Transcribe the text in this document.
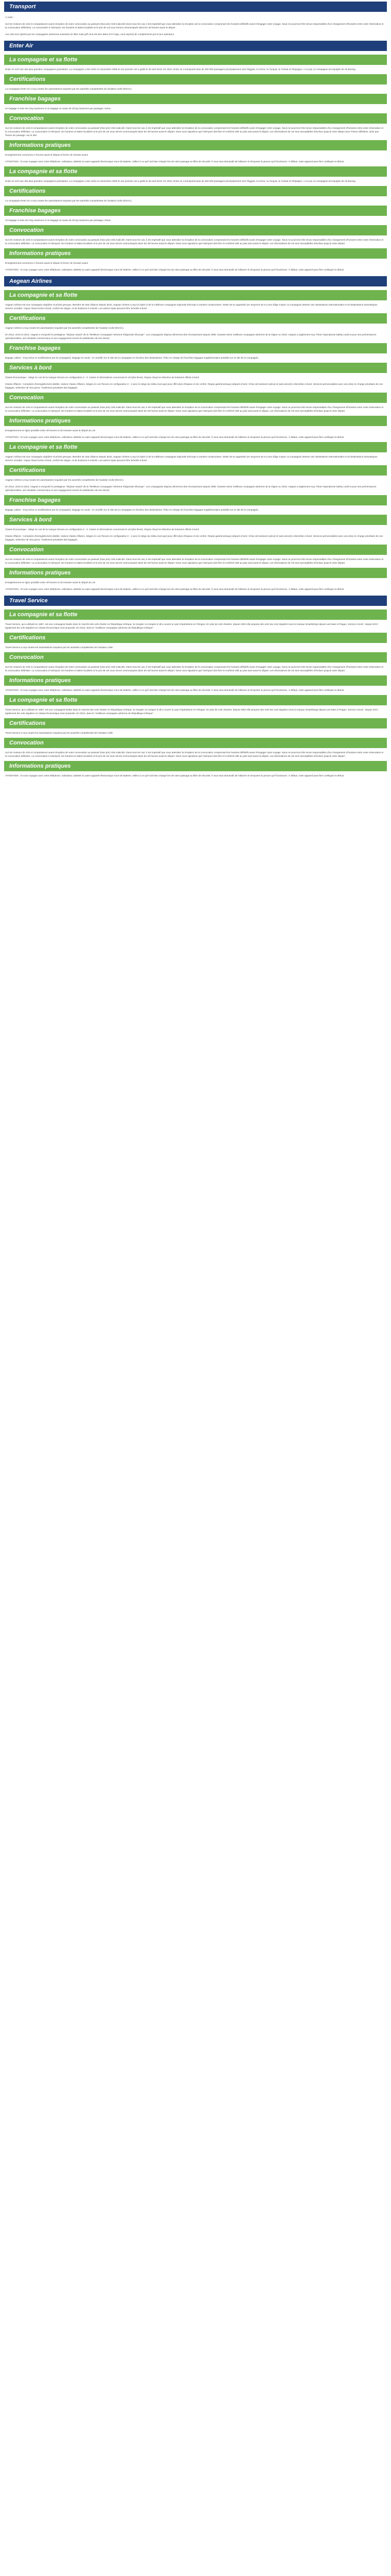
Transport
À noter :
Sur les moteurs de vols et comparateurs avant réception de notre convocation au passant (Nos prix) Vols inakcolé (Sons tous les cas, il est impératif que vous attendiez la réception de la convocation comprenant les horaires définitifs avant d'engager votre voyage. Nous ne pourrons être tenus responsables d'un changement d'horaires entre votre réservation et la convocation définitive). La convocation à l'aéroport, les horaires et dates localisés et le prix de vol vous seront communiqués dans les 48 heures avant le départ.
Les vols sont opérés par les compagnies aériennes suivantes (si libre mais pdf vous est des dates d'Al Capa, vous rejoins) de compléments par la tour opérateur.
Enter Air
La compagnie et sa flotte
Enter Air est l'une des plus grandes compagnies polonaises. La compagnie a été créée en Novembre 2009 et son premier vol a quitté le 25 avril 2010. En 2010, Enter Air a transporté plus de 200 000 passagers principalement vers l'Égypte, la Grèce, la Turquie, la Tunisie et l'Espagne. A ce jour, la compagnie est équipée de 15 Boeing.
Certifications
La compagnie Enter Air a reçu toutes les autorisations requises par les autorités compétentes de l'aviation civile (DGAC).
Franchise bagages
Un bagage à main de 5 kg maximum et un bagage en soute de 20 kg maximum par passager, inclus.
Convocation
Sur les moteurs de vols et comparateurs avant réception de votre convocation au passant (Nos prix) Vols inakcolé. Dans tous les cas, il est impératif que vous attendiez la réception de la convocation comprenant les horaires définitifs avant d'engager votre voyage. Nous ne pourrons être tenus responsables d'un changement d'horaires entre votre réservation et la convocation définitive. La convocation à l'aéroport, les horaires et dates localisés et le prix de vol vous seront communiqués dans les 48 heures avant le départ. Nous vous signalons que l'aéroport doit être ré-confirmé 48h au plus tard avant le départ. Les informations de vol sont susceptibles d'évoluer jusqu'à votre départ avec l'heure définitive, ainsi que l'heure de passage, sur le site.
Informations pratiques
Enregistrement commence 2 heures avant le départ et ferme 45 minutes avant.
ATTENTION : Si vous voyagez avec votre téléphone, ordinateur, tablette ou autre appareil électronique muni de batterie, veillez à ce qu'il soit bien chargé lors de votre passage au filtre de sécurité. Il vous sera demandé de l'allumer et d'exposer la preuve qu'il fonctionne. À défaut, votre appareil peut être confisqué et détruit.
La compagnie et sa flotte
Enter Air est l'une des plus grandes compagnies polonaises. La compagnie a été créée en Novembre 2009 et son premier vol a quitté le 25 avril 2010. En 2010, Enter Air a transporté plus de 200 000 passagers principalement vers l'Égypte, la Grèce, la Turquie, la Tunisie et l'Espagne. A ce jour, la compagnie est équipée de 15 Boeing.
Certifications
La compagnie Enter Air a reçu toutes les autorisations requises par les autorités compétentes de l'aviation civile (DGAC).
Franchise bagages
Un bagage à main de 5 kg maximum et un bagage en soute de 20 kg maximum par passager, inclus.
Convocation
Sur les moteurs de vols et comparateurs avant réception de votre convocation au passant (Nos prix) Vols inakcolé. Dans tous les cas, il est impératif que vous attendiez la réception de la convocation comprenant les horaires définitifs avant d'engager votre voyage. Nous ne pourrons être tenus responsables d'un changement d'horaires entre votre réservation et la convocation définitive. La convocation à l'aéroport, les horaires et dates localisés et le prix de vol vous seront communiqués dans les 48 heures avant le départ. Nous vous signalons que l'aéroport doit être ré-confirmé 48h au plus tard avant le départ. Les informations de vol sont susceptibles d'évoluer jusqu'à votre départ.
Informations pratiques
Enregistrement commence 2 heures avant le départ et ferme 45 minutes avant.
ATTENTION : Si vous voyagez avec votre téléphone, ordinateur, tablette ou autre appareil électronique muni de batterie, veillez à ce qu'il soit bien chargé lors de votre passage au filtre de sécurité. Il vous sera demandé de l'allumer et d'exposer la preuve qu'il fonctionne. À défaut, votre appareil peut être confisqué et détruit.
Aegean Airlines
La compagnie et sa flotte
Aegean Airlines est une compagnie régulière et privée grecque, Membre de Star Alliance depuis 2010, Aegean Airlines a reçu le label or de la meilleure compagnie régionale d'Europe à années consécutives. Dotée de 61 appareils (en moyenne de 6,3 ans d'âge moyen, la compagnie dessert 151 destinations internationales et 34 destinations domestiques. Service mondial : repas chaud inclus à bord, confort de sièges, et de boissons à volonté. Les autres repas peuvent être achetés à bord.
Certifications
Aegean Airlines a reçu toutes les autorisations requises par les autorités compétentes de l'aviation civile (DGAC).
En 2012, 2013 et 2014, Aegean a remporté le prestigieux "Skytrax Award" de la "Meilleure Compagnie Aérienne Régionale d'Europe". Les compagnies Skytrax décernent des récompenses depuis 1999. Classée 2ème meilleure compagnie aérienne de la région en 2016. Aegean a également reçu l'IOSA Operational Safety Audit et pour ses performances opérationnelles, ses résultats commerciaux et son engagement envers la satisfaction de ses clients.
Franchise bagages
Bagage cabine : 8 kg inclus et modifications par la compagnie). Bagage en soute : le contrôle sur le site de la compagnie en fonction des destinations. Prise en charge de franchise bagages supplémentaire possible sur le site de la compagnie.
Services à bord
Classe Économique : Siège en cuir de la marque Recaro en configuration 3 - 3. Cartes et informations concernant le vol (des ilines). Repas chaud et sélection de boissons offerts à bord.
Classe Affaires : Comptoirs d'enregistrement dédiés. Salons Classe Affaires. Sièges en cuir Recaro en configuration 2 - 2 avec le siège du milieu inoccupé pour offrir plus d'espace et de confort. Repas gastronomique préparé à bord. Choix de boissons (alcool et sans alcool) à discrétion à bord. Services personnalisés avec une prise en charge prioritaire de vos bagages. Sélection de vins grecs. Traitement prioritaire des bagages.
Convocation
Sur les moteurs de vols et comparateurs avant réception de votre convocation au passant (Nos prix) Vols inakcolé. Dans tous les cas, il est impératif que vous attendiez la réception de la convocation comprenant les horaires définitifs avant d'engager votre voyage. Nous ne pourrons être tenus responsables d'un changement d'horaires entre votre réservation et la convocation définitive. La convocation à l'aéroport, les horaires et dates localisés et le prix de vol vous seront communiqués dans les 48 heures avant le départ. Nous vous signalons que l'aéroport doit être ré-confirmé 48h au plus tard avant le départ. Les informations de vol sont susceptibles d'évoluer jusqu'à votre départ.
Informations pratiques
Enregistrement en ligne possible entre 48 heures et 30 minutes avant le départ du vol.
ATTENTION : Si vous voyagez avec votre téléphone, ordinateur, tablette ou autre appareil électronique muni de batterie, veillez à ce qu'il soit bien chargé lors de votre passage au filtre de sécurité. Il vous sera demandé de l'allumer et d'exposer la preuve qu'il fonctionne. À défaut, votre appareil peut être confisqué et détruit.
La compagnie et sa flotte
Aegean Airlines est une compagnie régulière et privée grecque, Membre de Star Alliance depuis 2010, Aegean Airlines a reçu le label or de la meilleure compagnie régionale d'Europe à années consécutives. Dotée de 61 appareils (en moyenne de 6,3 ans d'âge moyen, la compagnie dessert 151 destinations internationales et 34 destinations domestiques. Service mondial : repas chaud inclus à bord, confort de sièges, et de boissons à volonté. Les autres repas peuvent être achetés à bord.
Certifications
Aegean Airlines a reçu toutes les autorisations requises par les autorités compétentes de l'aviation civile (DGAC).
En 2012, 2013 et 2014, Aegean a remporté le prestigieux "Skytrax Award" de la "Meilleure Compagnie Aérienne Régionale d'Europe". Les compagnies Skytrax décernent des récompenses depuis 1999. Classée 2ème meilleure compagnie aérienne de la région en 2016. Aegean a également reçu l'IOSA Operational Safety Audit et pour ses performances opérationnelles, ses résultats commerciaux et son engagement envers la satisfaction de ses clients.
Franchise bagages
Bagage cabine : 8 kg inclus et modifications par la compagnie). Bagage en soute : le contrôle sur le site de la compagnie en fonction des destinations. Prise en charge de franchise bagages supplémentaire possible sur le site de la compagnie.
Services à bord
Classe Économique : Siège en cuir de la marque Recaro en configuration 3 - 3. Cartes et informations concernant le vol (des ilines). Repas chaud et sélection de boissons offerts à bord.
Classe Affaires : Comptoirs d'enregistrement dédiés. Salons Classe Affaires. Sièges en cuir Recaro en configuration 2 - 2 avec le siège du milieu inoccupé pour offrir plus d'espace et de confort. Repas gastronomique préparé à bord. Choix de boissons (alcool et sans alcool) à discrétion à bord. Services personnalisés avec une prise en charge prioritaire de vos bagages. Sélection de vins grecs. Traitement prioritaire des bagages.
Convocation
Sur les moteurs de vols et comparateurs avant réception de votre convocation au passant (Nos prix) Vols inakcolé. Dans tous les cas, il est impératif que vous attendiez la réception de la convocation comprenant les horaires définitifs avant d'engager votre voyage. Nous ne pourrons être tenus responsables d'un changement d'horaires entre votre réservation et la convocation définitive. La convocation à l'aéroport, les horaires et dates localisés et le prix de vol vous seront communiqués dans les 48 heures avant le départ. Nous vous signalons que l'aéroport doit être ré-confirmé 48h au plus tard avant le départ. Les informations de vol sont susceptibles d'évoluer jusqu'à votre départ.
Informations pratiques
Enregistrement en ligne possible entre 48 heures et 30 minutes avant le départ du vol.
ATTENTION : Si vous voyagez avec votre téléphone, ordinateur, tablette ou autre appareil électronique muni de batterie, veillez à ce qu'il soit bien chargé lors de votre passage au filtre de sécurité. Il vous sera demandé de l'allumer et d'exposer la preuve qu'il fonctionne. À défaut, votre appareil peut être confisqué et détruit.
Travel Service
La compagnie et sa flotte
Travel Service, qui a débuté en 1997, est une compagnie leader dans le marché des vols charter en République tchèque, la Hongrie, la Hongrie et dit a ouvert un part d'opérations en Pologne. En plus de vols charters, depuis 2004 elle propose des vols low cost réguliers sous la marque SmartWings depuis une base à Prague. Service à bord : depuis 2017, également les vols réguliers en Classe Économique sont proposés. En 2012, dans le "meilleure compagnie aérienne de République tchèque".
Certifications
Travel Service a reçu toutes les autorisations requises par les autorités compétentes de l'aviation civile.
Convocation
Sur les moteurs de vols et comparateurs avant réception de votre convocation au passant (Nos prix) Vols inakcolé. Dans tous les cas, il est impératif que vous attendiez la réception de la convocation comprenant les horaires définitifs avant d'engager votre voyage. Nous ne pourrons être tenus responsables d'un changement d'horaires entre votre réservation et la convocation définitive. La convocation à l'aéroport, les horaires et dates localisés et le prix de vol vous seront communiqués dans les 48 heures avant le départ. Nous vous signalons que l'aéroport doit être ré-confirmé 48h au plus tard avant le départ. Les informations de vol sont susceptibles d'évoluer jusqu'à votre départ.
Informations pratiques
ATTENTION : Si vous voyagez avec votre téléphone, ordinateur, tablette ou autre appareil électronique muni de batterie, veillez à ce qu'il soit bien chargé lors de votre passage au filtre de sécurité. Il vous sera demandé de l'allumer et d'exposer la preuve qu'il fonctionne. À défaut, votre appareil peut être confisqué et détruit.
La compagnie et sa flotte
Travel Service, qui a débuté en 1997, est une compagnie leader dans le marché des vols charter en République tchèque, la Hongrie, la Hongrie et dit a ouvert un part d'opérations en Pologne. En plus de vols charters, depuis 2004 elle propose des vols low cost réguliers sous la marque SmartWings depuis une base à Prague. Service à bord : depuis 2017, également les vols réguliers en Classe Économique sont proposés. En 2012, dans le "meilleure compagnie aérienne de République tchèque".
Certifications
Travel Service a reçu toutes les autorisations requises par les autorités compétentes de l'aviation civile.
Convocation
Sur les moteurs de vols et comparateurs avant réception de votre convocation au passant (Nos prix) Vols inakcolé. Dans tous les cas, il est impératif que vous attendiez la réception de la convocation comprenant les horaires définitifs avant d'engager votre voyage. Nous ne pourrons être tenus responsables d'un changement d'horaires entre votre réservation et la convocation définitive. La convocation à l'aéroport, les horaires et dates localisés et le prix de vol vous seront communiqués dans les 48 heures avant le départ. Nous vous signalons que l'aéroport doit être ré-confirmé 48h au plus tard avant le départ. Les informations de vol sont susceptibles d'évoluer jusqu'à votre départ.
Informations pratiques
ATTENTION : Si vous voyagez avec votre téléphone, ordinateur, tablette ou autre appareil électronique muni de batterie, veillez à ce qu'il soit bien chargé lors de votre passage au filtre de sécurité. Il vous sera demandé de l'allumer et d'exposer la preuve qu'il fonctionne. À défaut, votre appareil peut être confisqué et détruit.
